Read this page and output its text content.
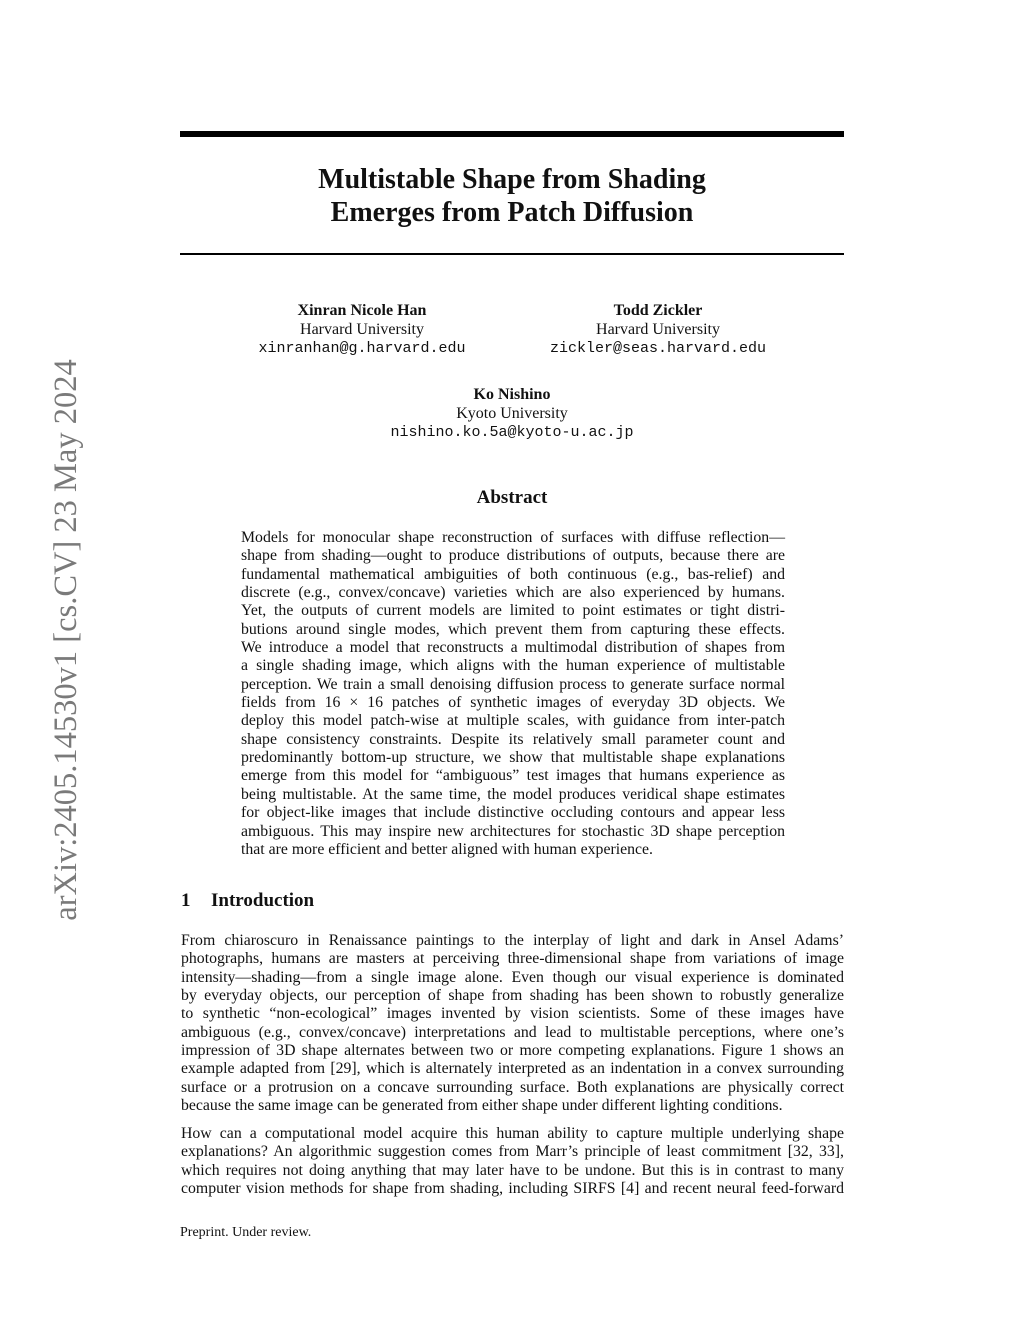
arXiv:2405.14530v1 [cs.CV] 23 May 2024
Multistable Shape from Shading
Emerges from Patch Diffusion
Xinran Nicole Han
Harvard University
xinranhan@g.harvard.edu
Todd Zickler
Harvard University
zickler@seas.harvard.edu
Ko Nishino
Kyoto University
nishino.ko.5a@kyoto-u.ac.jp
Abstract
Models for monocular shape reconstruction of surfaces with diffuse reflection—
shape from shading—ought to produce distributions of outputs, because there are
fundamental mathematical ambiguities of both continuous (e.g., bas-relief) and
discrete (e.g., convex/concave) varieties which are also experienced by humans.
Yet, the outputs of current models are limited to point estimates or tight distri-
butions around single modes, which prevent them from capturing these effects.
We introduce a model that reconstructs a multimodal distribution of shapes from
a single shading image, which aligns with the human experience of multistable
perception. We train a small denoising diffusion process to generate surface normal
fields from 16 × 16 patches of synthetic images of everyday 3D objects. We
deploy this model patch-wise at multiple scales, with guidance from inter-patch
shape consistency constraints. Despite its relatively small parameter count and
predominantly bottom-up structure, we show that multistable shape explanations
emerge from this model for “ambiguous” test images that humans experience as
being multistable. At the same time, the model produces veridical shape estimates
for object-like images that include distinctive occluding contours and appear less
ambiguous. This may inspire new architectures for stochastic 3D shape perception
that are more efficient and better aligned with human experience.
1 Introduction
From chiaroscuro in Renaissance paintings to the interplay of light and dark in Ansel Adams’
photographs, humans are masters at perceiving three-dimensional shape from variations of image
intensity—shading—from a single image alone. Even though our visual experience is dominated
by everyday objects, our perception of shape from shading has been shown to robustly generalize
to synthetic “non-ecological” images invented by vision scientists. Some of these images have
ambiguous (e.g., convex/concave) interpretations and lead to multistable perceptions, where one’s
impression of 3D shape alternates between two or more competing explanations. Figure 1 shows an
example adapted from [29], which is alternately interpreted as an indentation in a convex surrounding
surface or a protrusion on a concave surrounding surface. Both explanations are physically correct
because the same image can be generated from either shape under different lighting conditions.
How can a computational model acquire this human ability to capture multiple underlying shape
explanations? An algorithmic suggestion comes from Marr’s principle of least commitment [32, 33],
which requires not doing anything that may later have to be undone. But this is in contrast to many
computer vision methods for shape from shading, including SIRFS [4] and recent neural feed-forward
Preprint. Under review.
